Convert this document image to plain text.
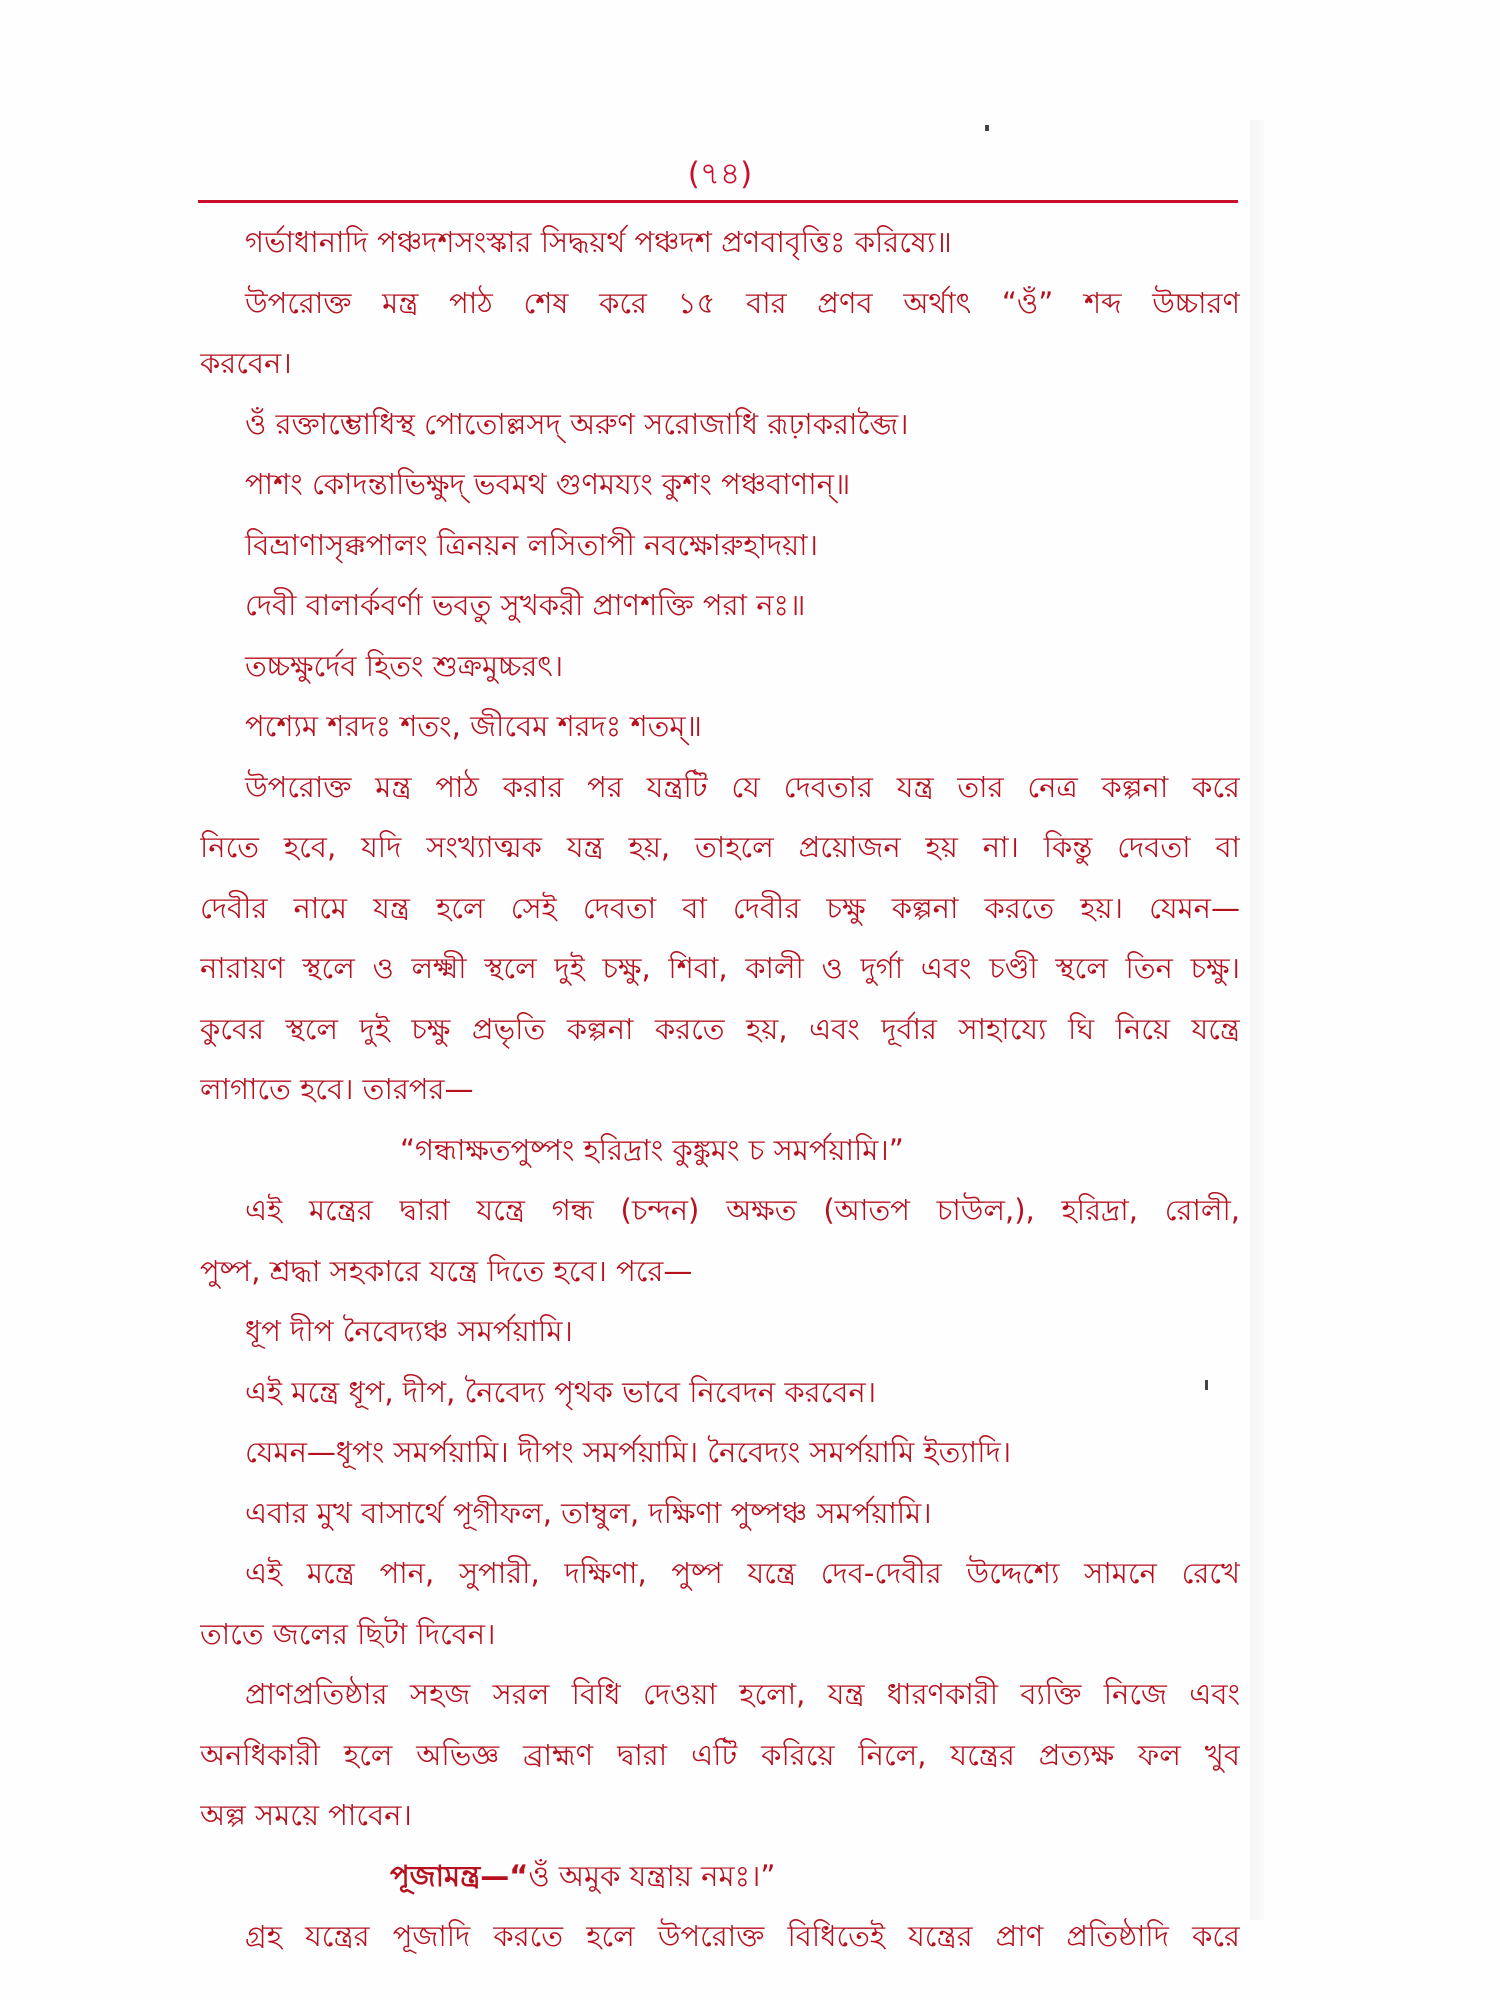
(৭৪)
গর্ভাধানাদি পঞ্চদশসংস্কার সিদ্ধয়র্থ পঞ্চদশ প্রণবাবৃত্তিঃ করিষ্যে॥
উপরোক্ত মন্ত্র পাঠ শেষ করে ১৫ বার প্রণব অর্থাৎ “ওঁ” শব্দ উচ্চারণ
করবেন।
ওঁ রক্তাম্ভোধিস্থ পোতোল্লসদ্ অরুণ সরোজাধি রূঢ়াকরাব্জৈ।
পাশং কোদন্তাভিক্ষুদ্ ভবমথ গুণময্যং কুশং পঞ্চবাণান্॥
বিভ্রাণাসৃক্কপালং ত্রিনয়ন লসিতাপী নবক্ষোরুহাদয়া।
দেবী বালার্কবর্ণা ভবতু সুখকরী প্রাণশক্তি পরা নঃ॥
তচ্চক্ষুর্দেব হিতং শুক্রমুচ্চরৎ।
পশ্যেম শরদঃ শতং, জীবেম শরদঃ শতম্॥
উপরোক্ত মন্ত্র পাঠ করার পর যন্ত্রটি যে দেবতার যন্ত্র তার নেত্র কল্পনা করে
নিতে হবে, যদি সংখ্যাত্মক যন্ত্র হয়, তাহলে প্রয়োজন হয় না। কিন্তু দেবতা বা
দেবীর নামে যন্ত্র হলে সেই দেবতা বা দেবীর চক্ষু কল্পনা করতে হয়। যেমন—
নারায়ণ স্থলে ও লক্ষ্মী স্থলে দুই চক্ষু, শিবা, কালী ও দুর্গা এবং চণ্ডী স্থলে তিন চক্ষু।
কুবের স্থলে দুই চক্ষু প্রভৃতি কল্পনা করতে হয়, এবং দূর্বার সাহায্যে ঘি নিয়ে যন্ত্রে
লাগাতে হবে। তারপর—
“গন্ধাক্ষতপুষ্পং হরিদ্রাং কুঙ্কুমং চ সমর্পয়ামি।”
এই মন্ত্রের দ্বারা যন্ত্রে গন্ধ (চন্দন) অক্ষত (আতপ চাউল,), হরিদ্রা, রোলী,
পুষ্প, শ্রদ্ধা সহকারে যন্ত্রে দিতে হবে। পরে—
ধূপ দীপ নৈবেদ্যঞ্চ সমর্পয়ামি।
এই মন্ত্রে ধূপ, দীপ, নৈবেদ্য পৃথক ভাবে নিবেদন করবেন।
যেমন—ধূপং সমর্পয়ামি। দীপং সমর্পয়ামি। নৈবেদ্যং সমর্পয়ামি ইত্যাদি।
এবার মুখ বাসার্থে পূগীফল, তাম্বুল, দক্ষিণা পুষ্পঞ্চ সমর্পয়ামি।
এই মন্ত্রে পান, সুপারী, দক্ষিণা, পুষ্প যন্ত্রে দেব-দেবীর উদ্দেশ্যে সামনে রেখে
তাতে জলের ছিটা দিবেন।
প্রাণপ্রতিষ্ঠার সহজ সরল বিধি দেওয়া হলো, যন্ত্র ধারণকারী ব্যক্তি নিজে এবং
অনধিকারী হলে অভিজ্ঞ ব্রাহ্মণ দ্বারা এটি করিয়ে নিলে, যন্ত্রের প্রত্যক্ষ ফল খুব
অল্প সময়ে পাবেন।
পূজামন্ত্র—“ওঁ অমুক যন্ত্রায় নমঃ।”
গ্রহ যন্ত্রের পূজাদি করতে হলে উপরোক্ত বিধিতেই যন্ত্রের প্রাণ প্রতিষ্ঠাদি করে
